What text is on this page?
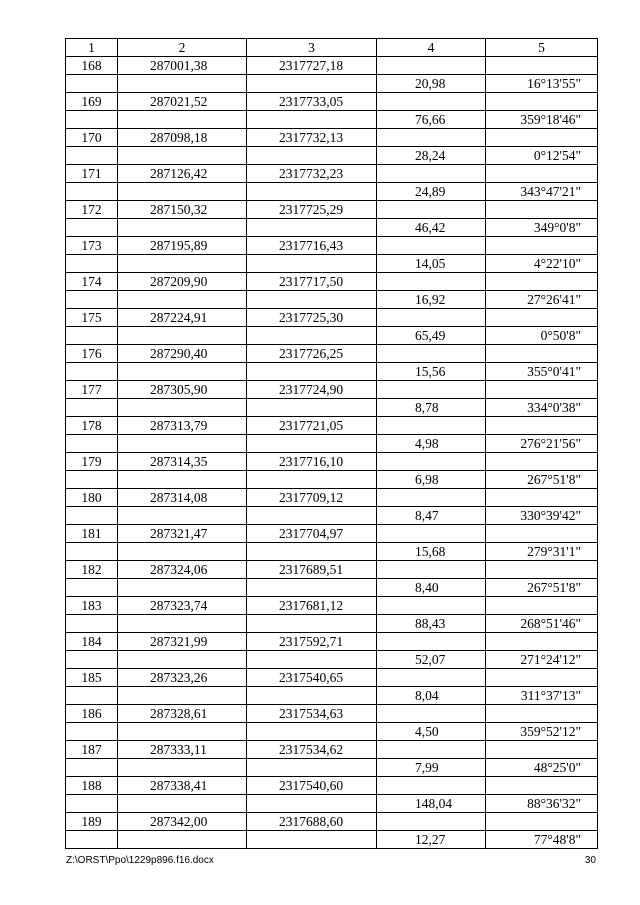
1	2	3	4	5
168	287001,38	2317727,18		
			20,98	16°13'55"
169	287021,52	2317733,05		
			76,66	359°18'46"
170	287098,18	2317732,13		
			28,24	0°12'54"
171	287126,42	2317732,23		
			24,89	343°47'21"
172	287150,32	2317725,29		
			46,42	349°0'8"
173	287195,89	2317716,43		
			14,05	4°22'10"
174	287209,90	2317717,50		
			16,92	27°26'41"
175	287224,91	2317725,30		
			65,49	0°50'8"
176	287290,40	2317726,25		
			15,56	355°0'41"
177	287305,90	2317724,90		
			8,78	334°0'38"
178	287313,79	2317721,05		
			4,98	276°21'56"
179	287314,35	2317716,10		
			6,98	267°51'8"
180	287314,08	2317709,12		
			8,47	330°39'42"
181	287321,47	2317704,97		
			15,68	279°31'1"
182	287324,06	2317689,51		
			8,40	267°51'8"
183	287323,74	2317681,12		
			88,43	268°51'46"
184	287321,99	2317592,71		
			52,07	271°24'12"
185	287323,26	2317540,65		
			8,04	311°37'13"
186	287328,61	2317534,63		
			4,50	359°52'12"
187	287333,11	2317534,62		
			7,99	48°25'0"
188	287338,41	2317540,60		
			148,04	88°36'32"
189	287342,00	2317688,60		
			12,27	77°48'8"
Z:\ORST\Ppo\1229p896.f16.docx	30
